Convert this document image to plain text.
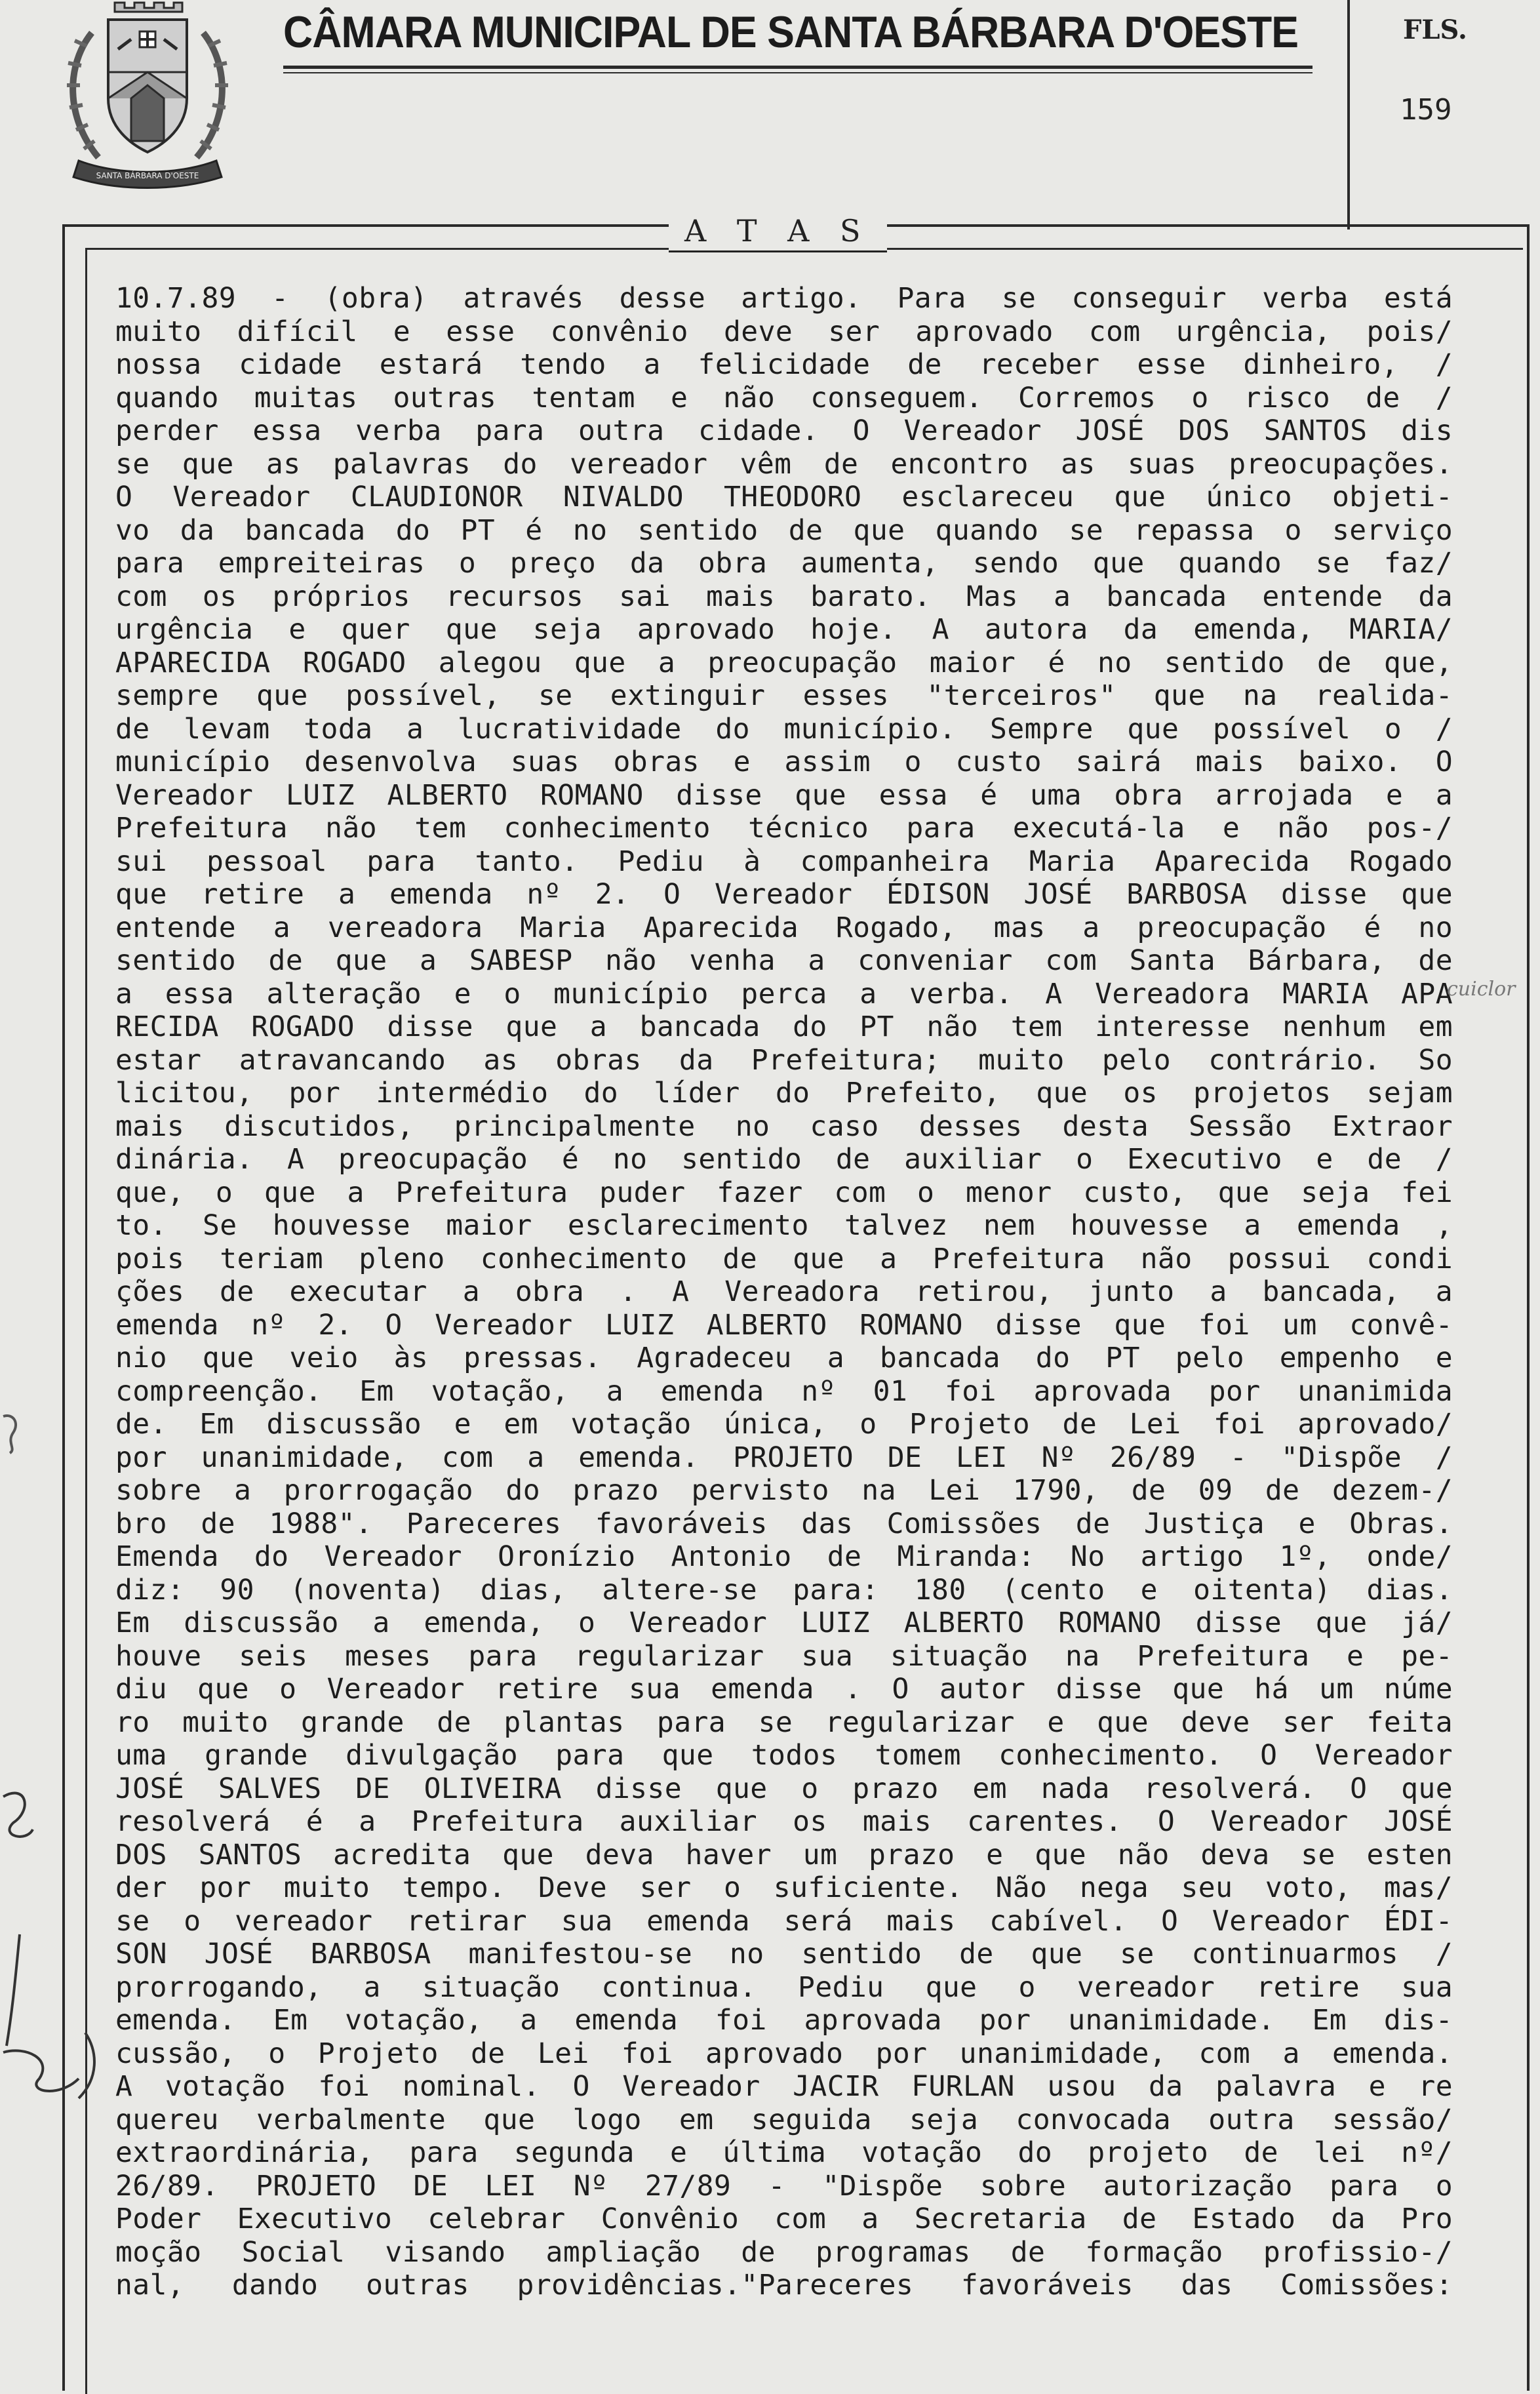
SANTA BÁRBARA D'OESTE
CÂMARA MUNICIPAL DE SANTA BÁRBARA D'OESTE	FLS.
159
A T A S
10.7.89 - (obra) através desse artigo. Para se conseguir verba está
muito difícil e esse convênio deve ser aprovado com urgência, pois/
nossa cidade estará tendo a felicidade de receber esse dinheiro, /
quando muitas outras tentam e não conseguem. Corremos o risco de /
perder essa verba para outra cidade. O Vereador JOSÉ DOS SANTOS dis
se que as palavras do vereador vêm de encontro as suas preocupações.
O Vereador CLAUDIONOR NIVALDO THEODORO esclareceu que único objeti-
vo da bancada do PT é no sentido de que quando se repassa o serviço
para empreiteiras o preço da obra aumenta, sendo que quando se faz/
com os próprios recursos sai mais barato. Mas a bancada entende da
urgência e quer que seja aprovado hoje. A autora da emenda, MARIA/
APARECIDA ROGADO alegou que a preocupação maior é no sentido de que,
sempre que possível, se extinguir esses "terceiros" que na realida-
de levam toda a lucratividade do município. Sempre que possível o /
município desenvolva suas obras e assim o custo sairá mais baixo. O
Vereador LUIZ ALBERTO ROMANO disse que essa é uma obra arrojada e a
Prefeitura não tem conhecimento técnico para executá-la e não pos-/
sui pessoal para tanto. Pediu à companheira Maria Aparecida Rogado
que retire a emenda nº 2. O Vereador ÉDISON JOSÉ BARBOSA disse que
entende a vereadora Maria Aparecida Rogado, mas a preocupação é no
sentido de que a SABESP não venha a conveniar com Santa Bárbara, de
a essa alteração e o município perca a verba. A Vereadora MARIA APA
RECIDA ROGADO disse que a bancada do PT não tem interesse nenhum em
estar atravancando as obras da Prefeitura; muito pelo contrário. So
licitou, por intermédio do líder do Prefeito, que os projetos sejam
mais discutidos, principalmente no caso desses desta Sessão Extraor
dinária. A preocupação é no sentido de auxiliar o Executivo e de /
que, o que a Prefeitura puder fazer com o menor custo, que seja fei
to. Se houvesse maior esclarecimento talvez nem houvesse a emenda ,
pois teriam pleno conhecimento de que a Prefeitura não possui condi
ções de executar a obra . A Vereadora retirou, junto a bancada, a
emenda nº 2. O Vereador LUIZ ALBERTO ROMANO disse que foi um convê-
nio que veio às pressas. Agradeceu a bancada do PT pelo empenho e
compreenção. Em votação, a emenda nº 01 foi aprovada por unanimida
de. Em discussão e em votação única, o Projeto de Lei foi aprovado/
por unanimidade, com a emenda. PROJETO DE LEI Nº 26/89 - "Dispõe /
sobre a prorrogação do prazo pervisto na Lei 1790, de 09 de dezem-/
bro de 1988". Pareceres favoráveis das Comissões de Justiça e Obras.
Emenda do Vereador Oronízio Antonio de Miranda: No artigo 1º, onde/
diz: 90 (noventa) dias, altere-se para: 180 (cento e oitenta) dias.
Em discussão a emenda, o Vereador LUIZ ALBERTO ROMANO disse que já/
houve seis meses para regularizar sua situação na Prefeitura e pe-
diu que o Vereador retire sua emenda . O autor disse que há um núme
ro muito grande de plantas para se regularizar e que deve ser feita
uma grande divulgação para que todos tomem conhecimento. O Vereador
JOSÉ SALVES DE OLIVEIRA disse que o prazo em nada resolverá. O que
resolverá é a Prefeitura auxiliar os mais carentes. O Vereador JOSÉ
DOS SANTOS acredita que deva haver um prazo e que não deva se esten
der por muito tempo. Deve ser o suficiente. Não nega seu voto, mas/
se o vereador retirar sua emenda será mais cabível. O Vereador ÉDI-
SON JOSÉ BARBOSA manifestou-se no sentido de que se continuarmos /
prorrogando, a situação continua. Pediu que o vereador retire sua
emenda. Em votação, a emenda foi aprovada por unanimidade. Em dis-
cussão, o Projeto de Lei foi aprovado por unanimidade, com a emenda.
A votação foi nominal. O Vereador JACIR FURLAN usou da palavra e re
quereu verbalmente que logo em seguida seja convocada outra sessão/
extraordinária, para segunda e última votação do projeto de lei nº/
26/89. PROJETO DE LEI Nº 27/89 - "Dispõe sobre autorização para o
Poder Executivo celebrar Convênio com a Secretaria de Estado da Pro
moção Social visando ampliação de programas de formação profissio-/
nal, dando outras providências."Pareceres favoráveis das Comissões:
cuiclor
